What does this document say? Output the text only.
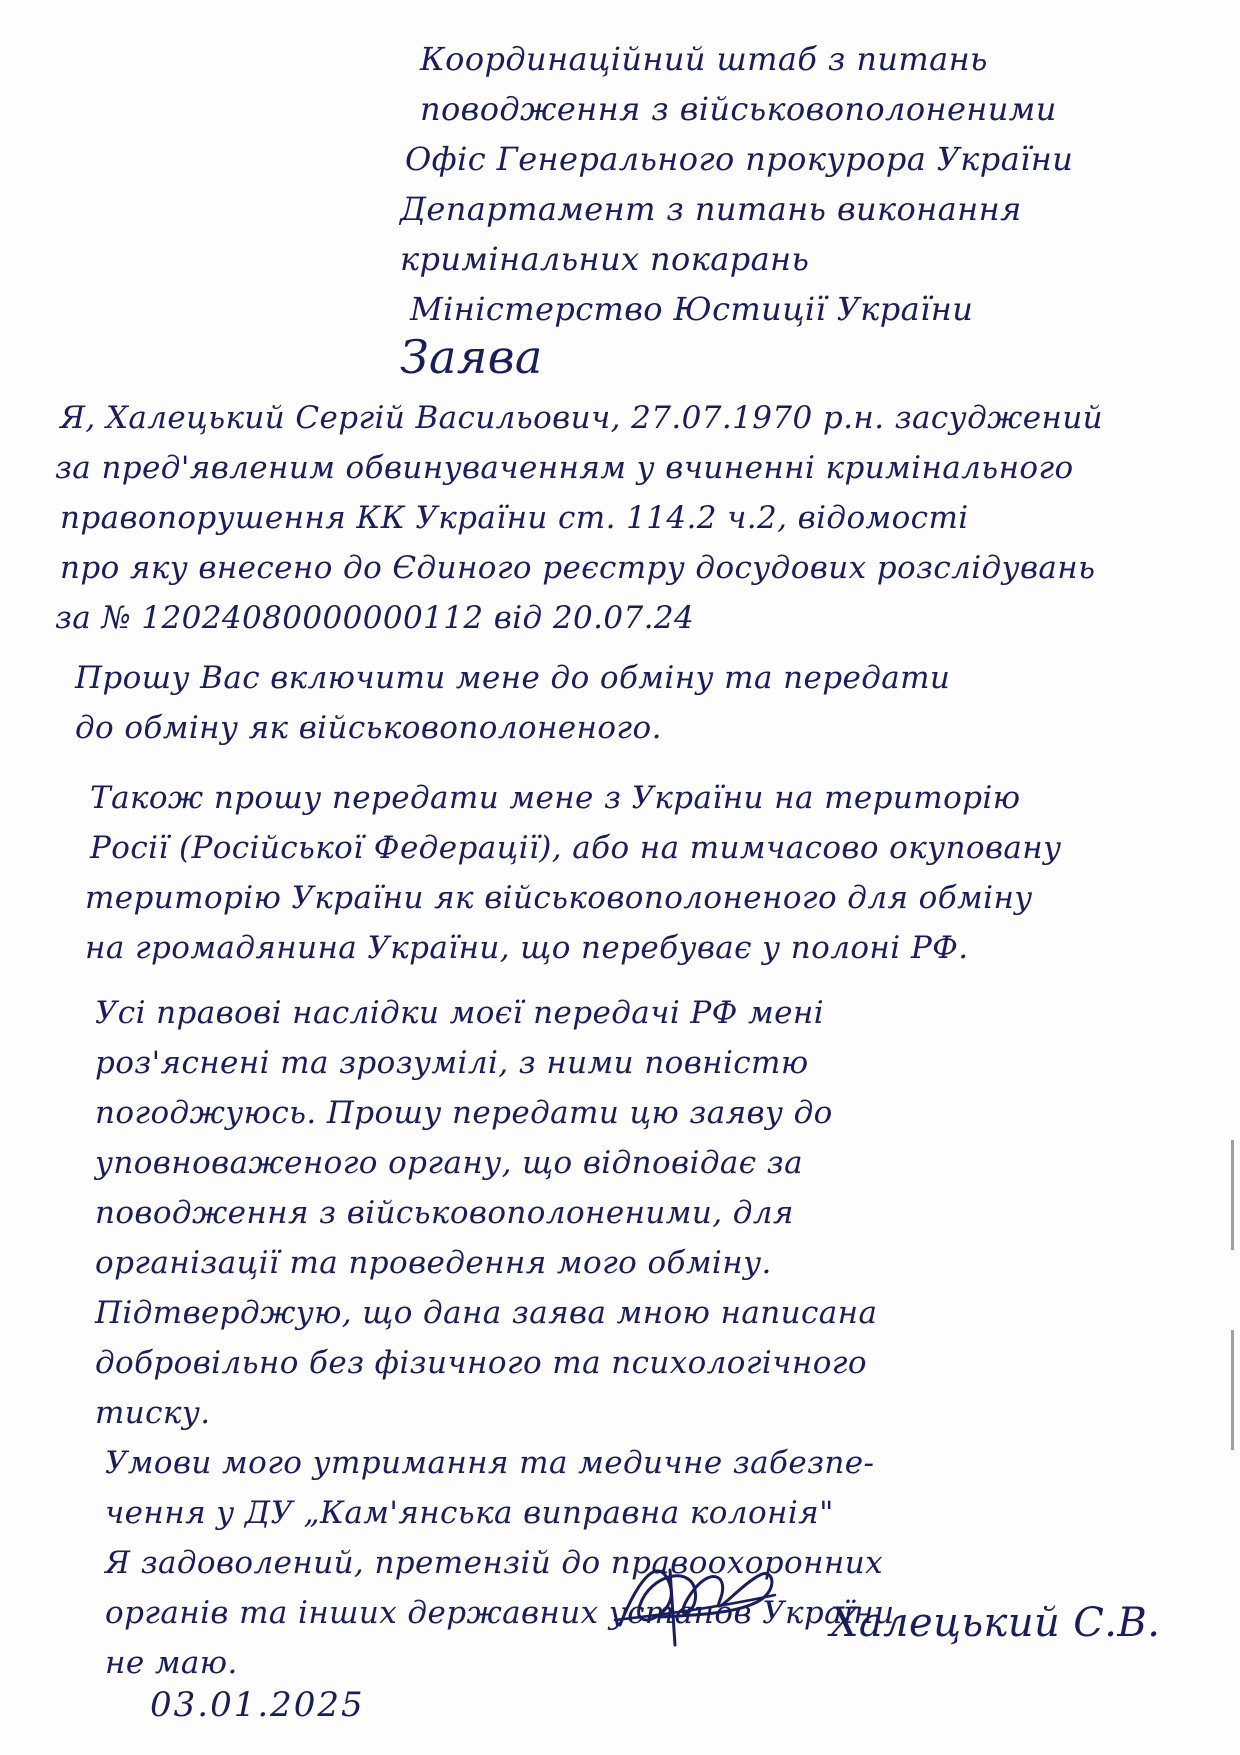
Координаційний штаб з питань

поводження з військовополоненими

Офіс Генерального прокурора України

Департамент з питань виконання

кримінальних покарань

Міністерство Юстиції України

Заява

Я, Халецький Сергій Васильович, 27.07.1970 р.н. засуджений

за пред'явленим обвинуваченням у вчиненні кримінального

правопорушення КК України ст. 114.2 ч.2, відомості

про яку внесено до Єдиного реєстру досудових розслідувань

за № 12024080000000112 від 20.07.24

Прошу Вас включити мене до обміну та передати

до обміну як військовополоненого.

Також прошу передати мене з України на територію

Росії (Російської Федерації), або на тимчасово окуповану

територію України як військовополоненого для обміну

на громадянина України, що перебуває у полоні РФ.

Усі правові наслідки моєї передачі РФ мені

роз'яснені та зрозумілі, з ними повністю

погоджуюсь. Прошу передати цю заяву до

уповноваженого органу, що відповідає за

поводження з військовополоненими, для

організації та проведення мого обміну.

Підтверджую, що дана заява мною написана

добровільно без фізичного та психологічного

тиску.

Умови мого утримання та медичне забезпе-

чення у ДУ „Кам'янська виправна колонія"

Я задоволений, претензій до правоохоронних

органів та інших державних установ України

не маю.

03.01.2025

Халецький С.В.
